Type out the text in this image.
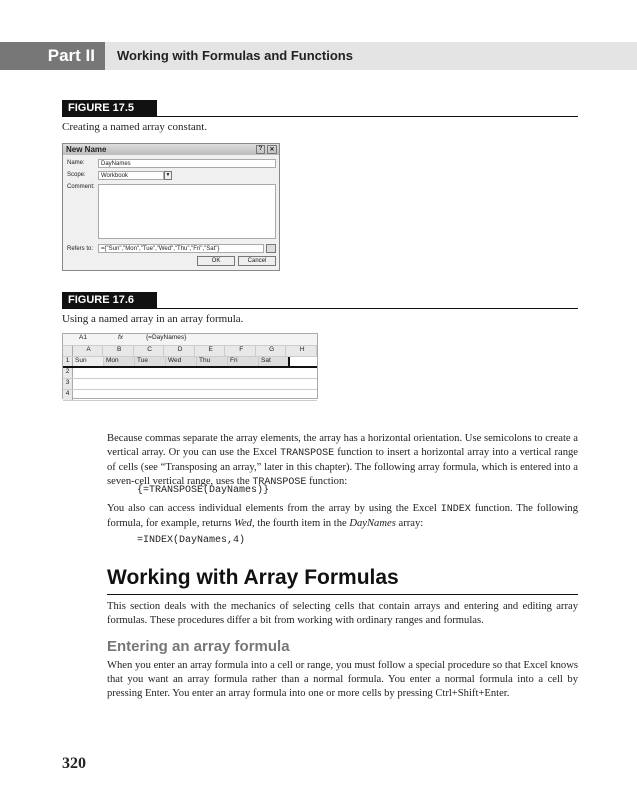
Part II	Working with Formulas and Functions
FIGURE 17.5
Creating a named array constant.
New Name	?	✕
Name:	DayNames
Scope:	Workbook	▼
Comment:
Refers to:	={"Sun","Mon","Tue","Wed","Thu","Fri","Sat"}
OK	Cancel
FIGURE 17.6
Using a named array in an array formula.
A1	fx	{=DayNames}
A	B	C	D	E	F	G	H
1 Sun	Mon	Tue	Wed	Thu	Fri	Sat
2
3
4

Because commas separate the array elements, the array has a horizontal orientation. Use semicolons to create a vertical array. Or you can use the Excel TRANSPOSE function to insert a horizontal array into a vertical range of cells (see “Transposing an array,” later in this chapter). The following array formula, which is entered into a seven-cell vertical range, uses the TRANSPOSE function:

{=TRANSPOSE(DayNames)}

You also can access individual elements from the array by using the Excel INDEX function. The following formula, for example, returns Wed, the fourth item in the DayNames array:

=INDEX(DayNames,4)
Working with Array Formulas

This section deals with the mechanics of selecting cells that contain arrays and entering and editing array formulas. These procedures differ a bit from working with ordinary ranges and formulas.

Entering an array formula

When you enter an array formula into a cell or range, you must follow a special procedure so that Excel knows that you want an array formula rather than a normal formula. You enter a normal formula into a cell by pressing Enter. You enter an array formula into one or more cells by pressing Ctrl+Shift+Enter.

320
